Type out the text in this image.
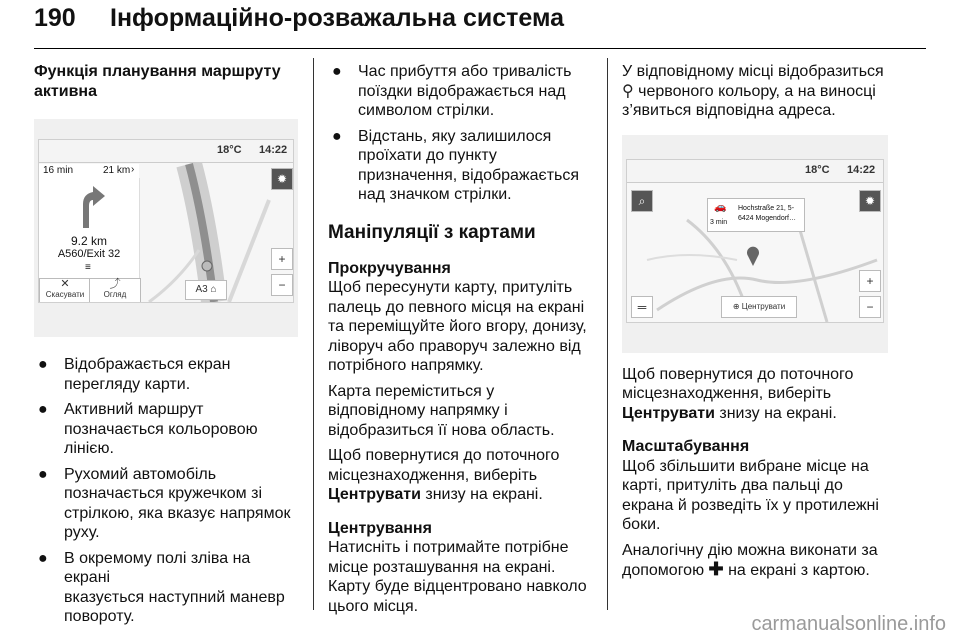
190 Інформаційно-розважальна система

Функція планування маршруту
активна

18°C 14:22
16 min	21 km ›
9.2 km
A560/Exit 32
≡
✕
Скасувати
⤴
Огляд	A3 ⌂
✹
+
−
● Відображається екран
перегляду карти.
● Активний маршрут
позначається кольоровою
лінією.
● Рухомий автомобіль
позначається кружечком зі
стрілкою, яка вказує напрямок
руху.
● В окремому полі зліва на екрані
вказується наступний маневр
повороту.
● Час прибуття або тривалість
поїздки відображається над
символом стрілки.
● Відстань, яку залишилося
проїхати до пункту
призначення, відображається
над значком стрілки.

Маніпуляції з картами

Прокручування

Щоб пересунути карту, притуліть
палець до певного місця на екрані
та переміщуйте його вгору, донизу,
ліворуч або праворуч залежно від
потрібного напрямку.

Карта переміститься у
відповідному напрямку і
відобразиться її нова область.

Щоб повернутися до поточного
місцезнаходження, виберіть
Центрувати знизу на екрані.

Центрування

Натисніть і потримайте потрібне
місце розташування на екрані.
Карту буде відцентровано навколо
цього місця.

У відповідному місці відобразиться
⚲ червоного кольору, а на виносці
з’явиться відповідна адреса.

18°C 14:22
⌕	✹
🚗
3 min
Hochstraße 21, 5-
6424 Mogendorf…
═	⊕ Центрувати
+
−

Щоб повернутися до поточного
місцезнаходження, виберіть
Центрувати знизу на екрані.

Масштабування

Щоб збільшити вибране місце на
карті, притуліть два пальці до
екрана й розведіть їх у протилежні
боки.

Аналогічну дію можна виконати за
допомогою ✚ на екрані з картою.

carmanualsonline.info
